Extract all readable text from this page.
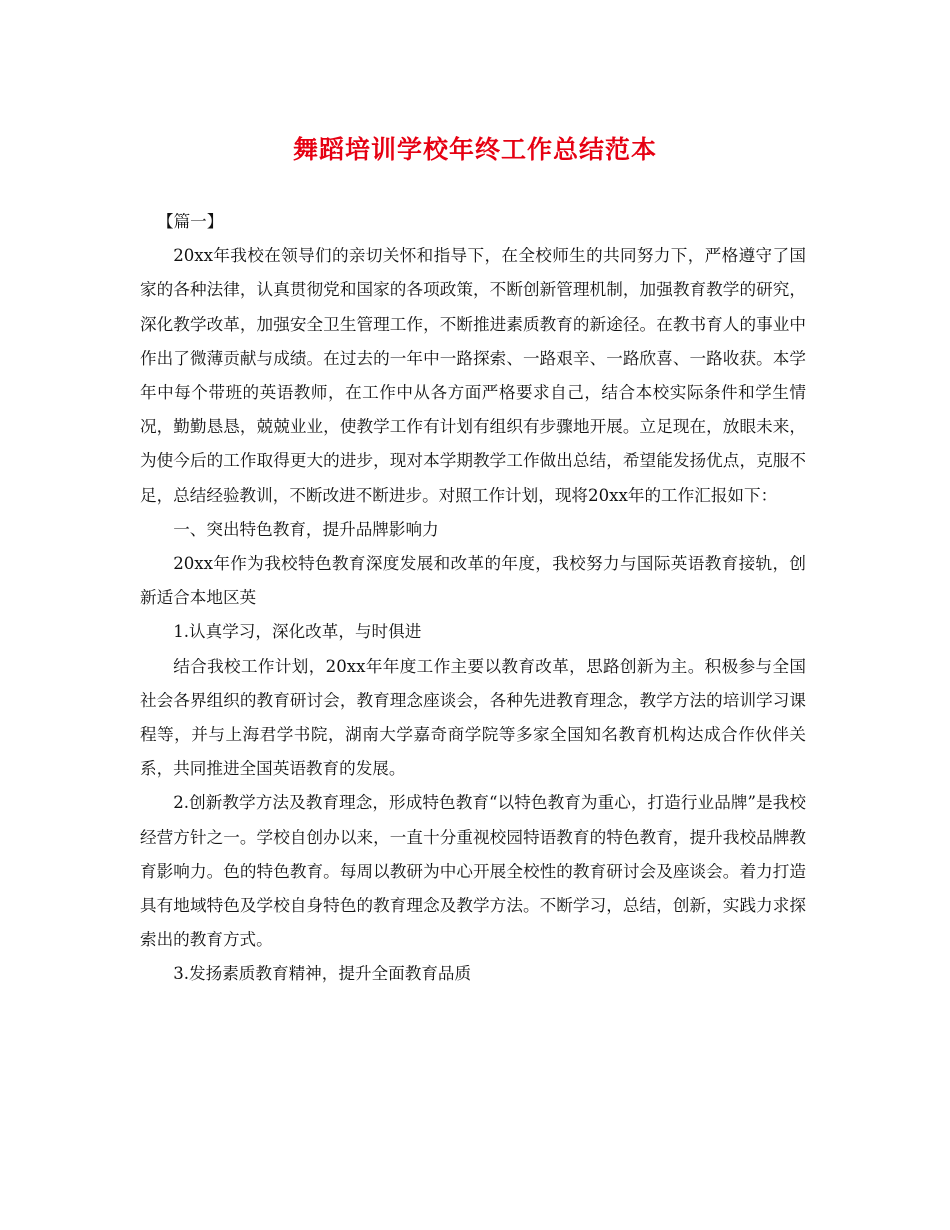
舞蹈培训学校年终工作总结范本

【篇一】

20xx年我校在领导们的亲切关怀和指导下，在全校师生的共同努力下，严格遵守了国家的各种法律，认真贯彻党和国家的各项政策，不断创新管理机制，加强教育教学的研究，深化教学改革，加强安全卫生管理工作，不断推进素质教育的新途径。在教书育人的事业中作出了微薄贡献与成绩。在过去的一年中一路探索、一路艰辛、一路欣喜、一路收获。本学年中每个带班的英语教师，在工作中从各方面严格要求自己，结合本校实际条件和学生情况，勤勤恳恳，兢兢业业，使教学工作有计划有组织有步骤地开展。立足现在，放眼未来，为使今后的工作取得更大的进步，现对本学期教学工作做出总结，希望能发扬优点，克服不足，总结经验教训，不断改进不断进步。对照工作计划，现将20xx年的工作汇报如下：

一、突出特色教育，提升品牌影响力

20xx年作为我校特色教育深度发展和改革的年度，我校努力与国际英语教育接轨，创新适合本地区英

1.认真学习，深化改革，与时俱进

结合我校工作计划，20xx年年度工作主要以教育改革，思路创新为主。积极参与全国社会各界组织的教育研讨会，教育理念座谈会，各种先进教育理念，教学方法的培训学习课程等，并与上海君学书院，湖南大学嘉奇商学院等多家全国知名教育机构达成合作伙伴关系，共同推进全国英语教育的发展。

2.创新教学方法及教育理念，形成特色教育“以特色教育为重心，打造行业品牌”是我校经营方针之一。学校自创办以来，一直十分重视校园特语教育的特色教育，提升我校品牌教育影响力。色的特色教育。每周以教研为中心开展全校性的教育研讨会及座谈会。着力打造具有地域特色及学校自身特色的教育理念及教学方法。不断学习，总结，创新，实践力求探索出的教育方式。

3.发扬素质教育精神，提升全面教育品质
